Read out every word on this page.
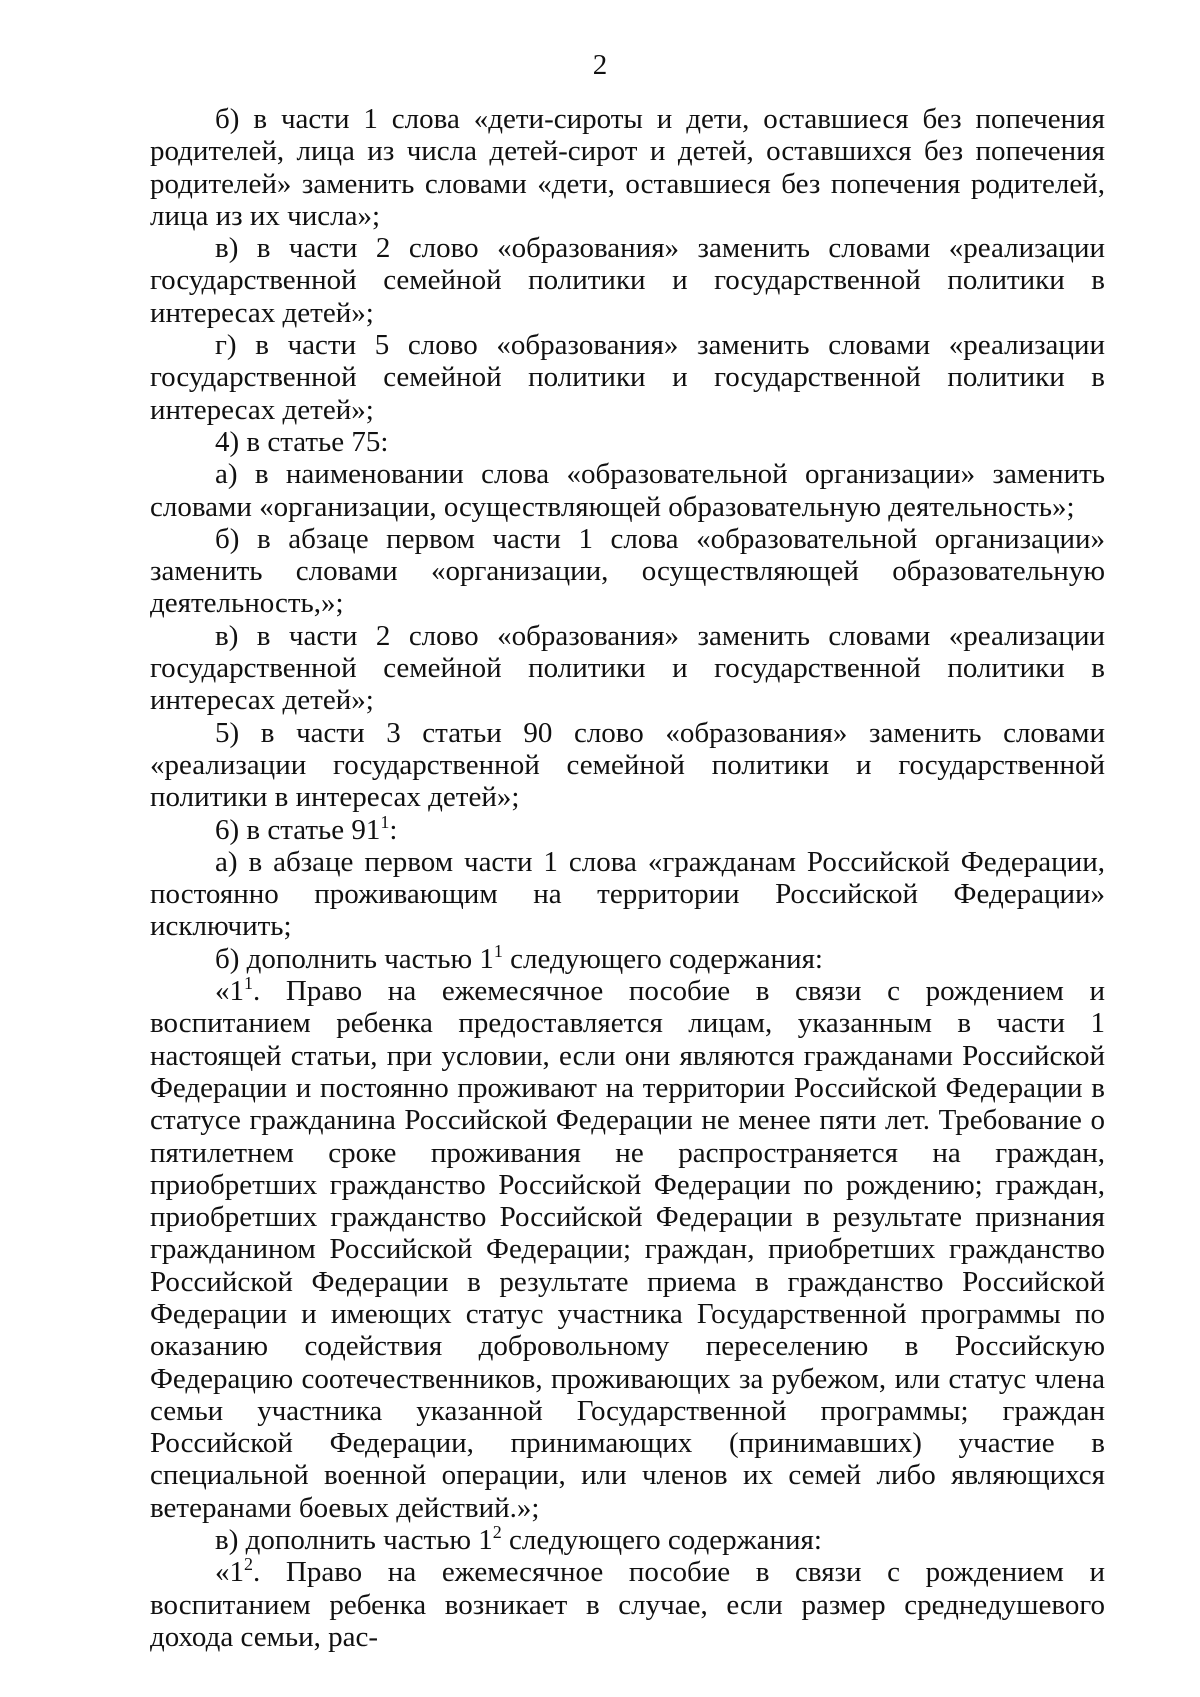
2

б) в части 1 слова «дети-сироты и дети, оставшиеся без попечения родителей, лица из числа детей-сирот и детей, оставшихся без попечения родителей» заменить словами «дети, оставшиеся без попечения родителей, лица из их числа»;

в) в части 2 слово «образования» заменить словами «реализации государственной семейной политики и государственной политики в интересах детей»;

г) в части 5 слово «образования» заменить словами «реализации государственной семейной политики и государственной политики в интересах детей»;

4) в статье 75:

а) в наименовании слова «образовательной организации» заменить словами «организации, осуществляющей образовательную деятельность»;

б) в абзаце первом части 1 слова «образовательной организации» заменить словами «организации, осуществляющей образовательную деятельность,»;

в) в части 2 слово «образования» заменить словами «реализации государственной семейной политики и государственной политики в интересах детей»;

5) в части 3 статьи 90 слово «образования» заменить словами «реализации государственной семейной политики и государственной политики в интересах детей»;

6) в статье $91^1$:

а) в абзаце первом части 1 слова «гражданам Российской Федерации, постоянно проживающим на территории Российской Федерации» исключить;

б) дополнить частью $1^1$ следующего содержания:

«$1^1$. Право на ежемесячное пособие в связи с рождением и воспитанием ребенка предоставляется лицам, указанным в части 1 настоящей статьи, при условии, если они являются гражданами Российской Федерации и постоянно проживают на территории Российской Федерации в статусе гражданина Российской Федерации не менее пяти лет. Требование о пятилетнем сроке проживания не распространяется на граждан, приобретших гражданство Российской Федерации по рождению; граждан, приобретших гражданство Российской Федерации в результате признания гражданином Российской Федерации; граждан, приобретших гражданство Российской Федерации в результате приема в гражданство Российской Федерации и имеющих статус участника Государственной программы по оказанию содействия добровольному переселению в Российскую Федерацию соотечественников, проживающих за рубежом, или статус члена семьи участника указанной Государственной программы; граждан Российской Федерации, принимающих (принимавших) участие в специальной военной операции, или членов их семей либо являющихся ветеранами боевых действий.»;

в) дополнить частью $1^2$ следующего содержания:

«$1^2$. Право на ежемесячное пособие в связи с рождением и воспитанием ребенка возникает в случае, если размер среднедушевого дохода семьи, рас-
